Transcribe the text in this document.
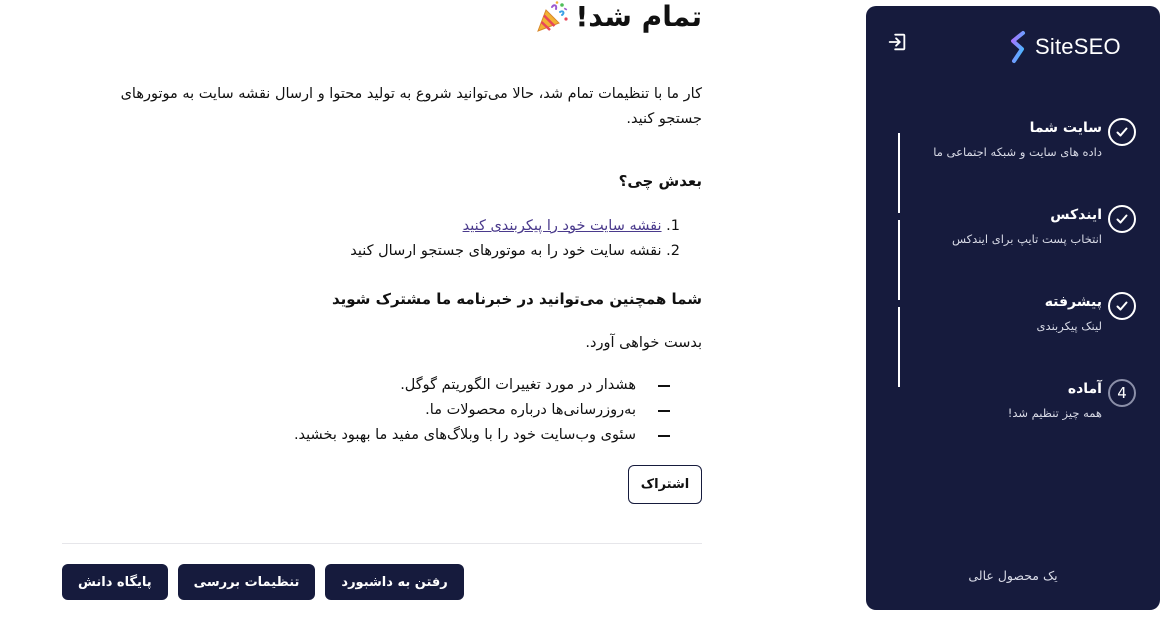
SiteSEO
سایت شما
داده های سایت و شبکه اجتماعی ما
ایندکس
انتخاب پست تایپ برای ایندکس
پیشرفته
لینک پیکربندی
4
آماده
همه چیز تنظیم شد!
یک محصول عالی
تمام شد!

کار ما با تنظیمات تمام شد، حالا می‌توانید شروع به تولید محتوا و ارسال نقشه سایت به موتورهای جستجو کنید.

بعدش چی؟
1. نقشه سایت خود را پیکربندی کنید
2. نقشه سایت خود را به موتورهای جستجو ارسال کنید
شما همچنین می‌توانید در خبرنامه ما مشترک شوید

بدست خواهی آورد.

هشدار در مورد تغییرات الگوریتم گوگل.
به‌روزرسانی‌ها درباره محصولات ما.
سئوی وب‌سایت خود را با وبلاگ‌های مفید ما بهبود بخشید.
اشتراک
پایگاه دانش	تنظیمات بررسی	رفتن به داشبورد
